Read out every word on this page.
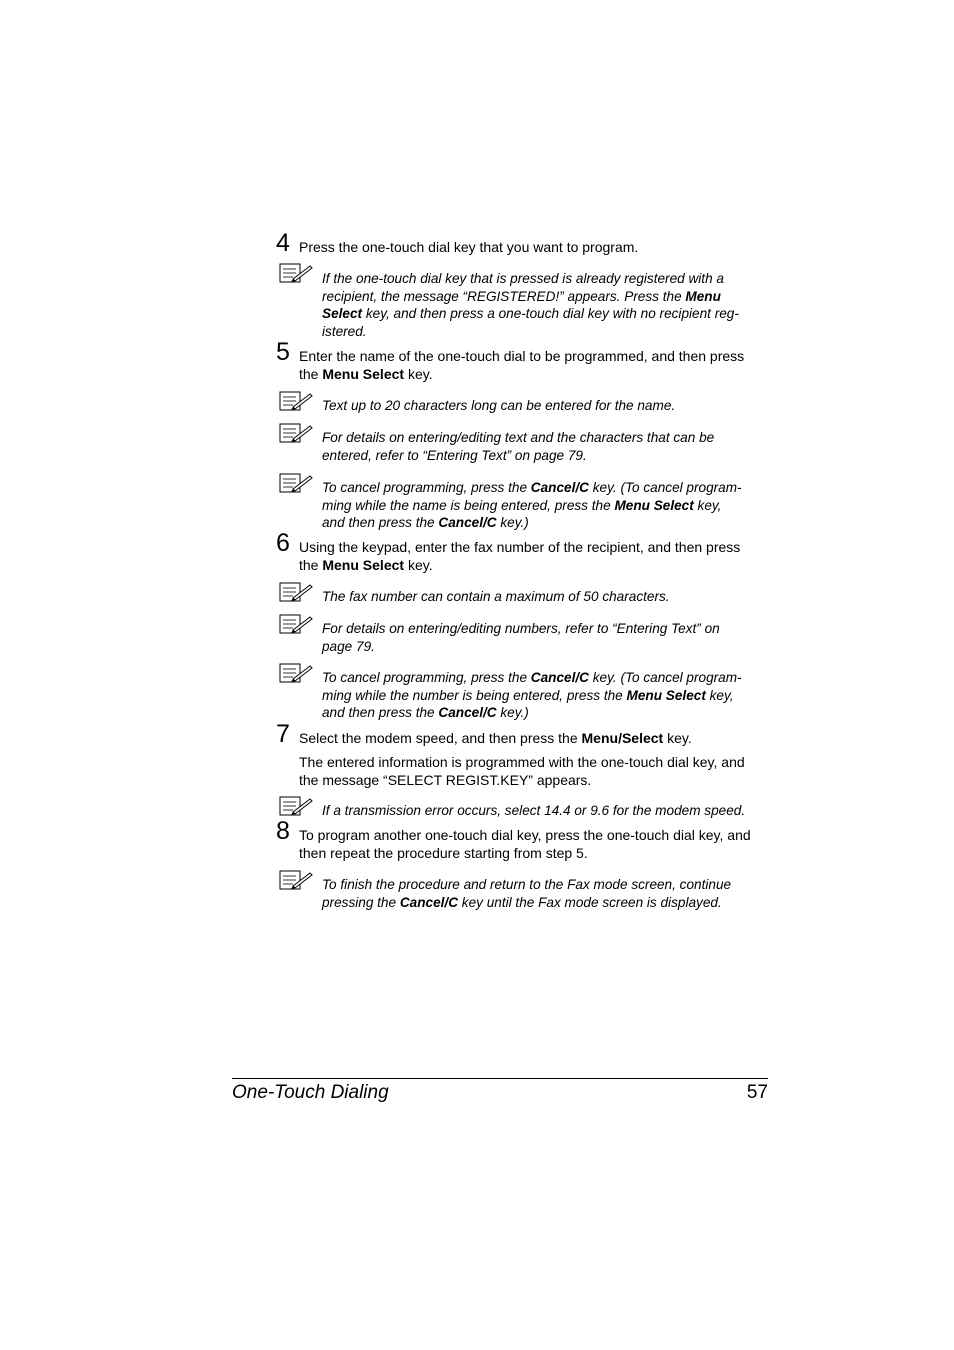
4 Press the one-touch dial key that you want to program.
If the one-touch dial key that is pressed is already registered with a
recipient, the message “REGISTERED!” appears. Press the Menu
Select key, and then press a one-touch dial key with no recipient reg-
istered.
5 Enter the name of the one-touch dial to be programmed, and then press
the Menu Select key.
Text up to 20 characters long can be entered for the name.
For details on entering/editing text and the characters that can be
entered, refer to “Entering Text” on page 79.
To cancel programming, press the Cancel/C key. (To cancel program-
ming while the name is being entered, press the Menu Select key,
and then press the Cancel/C key.)
6 Using the keypad, enter the fax number of the recipient, and then press
the Menu Select key.
The fax number can contain a maximum of 50 characters.
For details on entering/editing numbers, refer to “Entering Text” on
page 79.
To cancel programming, press the Cancel/C key. (To cancel program-
ming while the number is being entered, press the Menu Select key,
and then press the Cancel/C key.)
7 Select the modem speed, and then press the Menu/Select key.
The entered information is programmed with the one-touch dial key, and
the message “SELECT REGIST.KEY” appears.
If a transmission error occurs, select 14.4 or 9.6 for the modem speed.
8 To program another one-touch dial key, press the one-touch dial key, and
then repeat the procedure starting from step 5.
To finish the procedure and return to the Fax mode screen, continue
pressing the Cancel/C key until the Fax mode screen is displayed.
One-Touch Dialing	57
